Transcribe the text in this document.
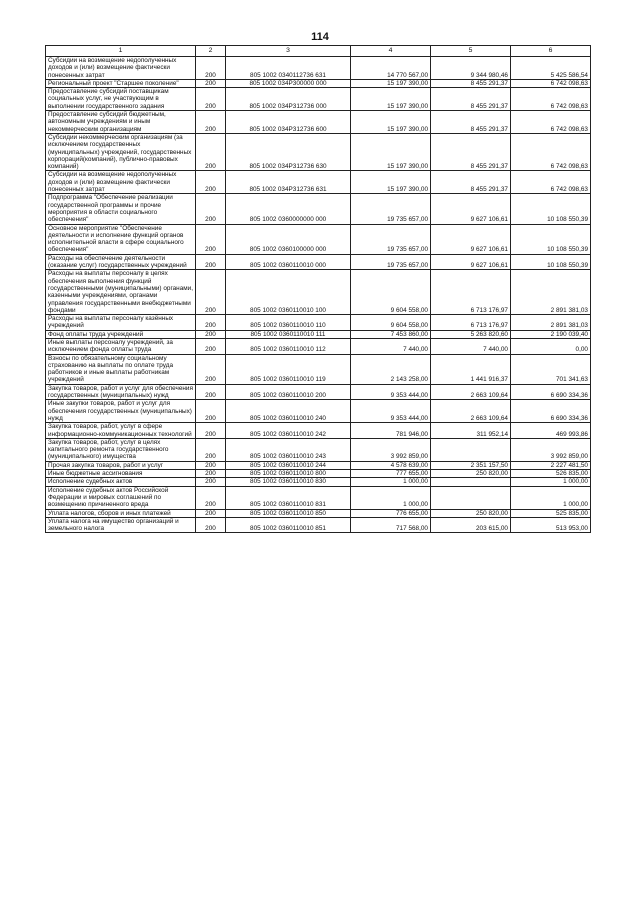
114
1	2	3	4	5	6
Субсидии на возмещение недополученных доходов и (или) возмещение фактически понесенных затрат	200	805 1002 0340112736 631	14 770 567,00	9 344 980,46	5 425 586,54
Региональный проект "Старшее поколение"	200	805 1002 034P300000 000	15 197 390,00	8 455 291,37	6 742 098,63
Предоставление субсидий поставщикам социальных услуг, не участвующим в выполнении государственного задания	200	805 1002 034P312736 000	15 197 390,00	8 455 291,37	6 742 098,63
Предоставление субсидий бюджетным, автономным учреждениям и иным некоммерческим организациям	200	805 1002 034P312736 600	15 197 390,00	8 455 291,37	6 742 098,63
Субсидии некоммерческим организациям (за исключением государственных (муниципальных) учреждений, государственных корпораций(компаний), публично-правовых компаний)	200	805 1002 034P312736 630	15 197 390,00	8 455 291,37	6 742 098,63
Субсидии на возмещение недополученных доходов и (или) возмещение фактически понесенных затрат	200	805 1002 034P312736 631	15 197 390,00	8 455 291,37	6 742 098,63
Подпрограмма "Обеспечение реализации государственной программы и прочие мероприятия в области социального обеспечения"	200	805 1002 0360000000 000	19 735 657,00	9 627 106,61	10 108 550,39
Основное мероприятие "Обеспечение деятельности и исполнение функций органов исполнительной власти в сфере социального обеспечения"	200	805 1002 0360100000 000	19 735 657,00	9 627 106,61	10 108 550,39
Расходы на обеспечение деятельности (оказание услуг) государственных учреждений	200	805 1002 0360110010 000	19 735 657,00	9 627 106,61	10 108 550,39
Расходы на выплаты персоналу в целях обеспечения выполнения функций государственными (муниципальными) органами, казенными учреждениями, органами управления государственными внебюджетными фондами	200	805 1002 0360110010 100	9 604 558,00	6 713 176,97	2 891 381,03
Расходы на выплаты персоналу казённых учреждений	200	805 1002 0360110010 110	9 604 558,00	6 713 176,97	2 891 381,03
Фонд оплаты труда учреждений	200	805 1002 0360110010 111	7 453 860,00	5 263 820,60	2 190 039,40
Иные выплаты персоналу учреждений, за исключением фонда оплаты труда	200	805 1002 0360110010 112	7 440,00	7 440,00	0,00
Взносы по обязательному социальному страхованию на выплаты по оплате труда работников и иные выплаты работникам учреждений	200	805 1002 0360110010 119	2 143 258,00	1 441 916,37	701 341,63
Закупка товаров, работ и услуг для обеспечения государственных (муниципальных) нужд	200	805 1002 0360110010 200	9 353 444,00	2 663 109,64	6 690 334,36
Иные закупки товаров, работ и услуг для обеспечения государственных (муниципальных) нужд	200	805 1002 0360110010 240	9 353 444,00	2 663 109,64	6 690 334,36
Закупка товаров, работ, услуг в сфере информационно-коммуникационных технологий	200	805 1002 0360110010 242	781 946,00	311 952,14	469 993,86
Закупка товаров, работ, услуг в целях капитального ремонта государственного (муниципального) имущества	200	805 1002 0360110010 243	3 992 859,00		3 992 859,00
Прочая закупка товаров, работ и услуг	200	805 1002 0360110010 244	4 578 639,00	2 351 157,50	2 227 481,50
Иные бюджетные ассигнования	200	805 1002 0360110010 800	777 655,00	250 820,00	526 835,00
Исполнение судебных актов	200	805 1002 0360110010 830	1 000,00		1 000,00
Исполнение судебных актов Российской Федерации и мировых соглашений по возмещению причиненного вреда	200	805 1002 0360110010 831	1 000,00		1 000,00
Уплата налогов, сборов и иных платежей	200	805 1002 0360110010 850	776 655,00	250 820,00	525 835,00
Уплата налога на имущество организаций и земельного налога	200	805 1002 0360110010 851	717 568,00	203 615,00	513 953,00
